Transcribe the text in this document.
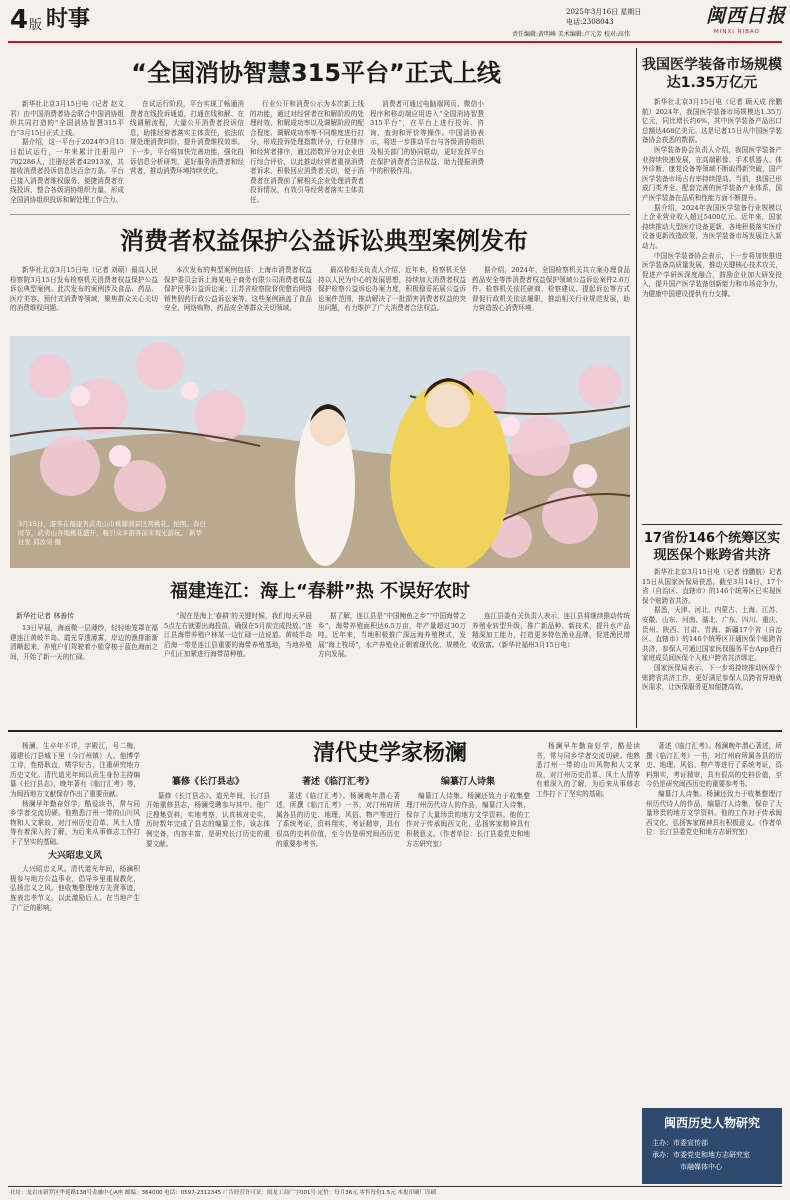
4 版 时事	2025年3月16日 星期日
电话:2308043
责任编辑:黄明峰 美术编辑:卢元芳 校对:高伟
闽西日报
MINXI RIBAO
“全国消协智慧315平台”正式上线

新华社北京3月15日电（记者 赵文君）由中国消费者协会联合中国消协组织共同打造的“全国消协智慧315平台”3月15日正式上线。

据介绍，这一平台于2024年3月15日起试运行，一年来累计注册用户702286人，注册经营者42913家，共接收消费者投诉信息达百余万条。平台已接入消费者维权服务，便捷消费者在线投诉，整合各级消协组织力量，形成全国消协组织投诉和解处理工作合力。

在试运行阶段，平台实现了畅通消费者在线投诉通道，打通在线和解、在线调解流程，大量公开消费者投诉信息，助推经营者落实主体责任，依法依规处理消费纠纷，提升消费维权效率。下一步，平台将加快完善功能，强化投诉信息分析研判，更好服务消费者和经营者，推动消费环境持续优化。

行业公开和消费公示为本次新上线的功能，通过对经营者在和解阶段的处理时效、和解成功率以及调解阶段的配合程度、调解成功率等不同维度进行打分，形成投诉处理指数评分，行业排序和经营者排序，通过指数评分对企业进行综合评价，以此推动经营者重视消费者诉求、积极回应消费者关切，便于消费者在消费前了解相关企业处理消费者投诉情况，有效引导经营者落实主体责任。

消费者可通过电脑端网页、微信小程序和移动端应用进入“全国消协智慧315平台”，在平台上进行投诉、咨询、查询和评价等操作。中国消协表示，将进一步推动平台与各级消协组织及相关部门的协同联动，更好发挥平台在保护消费者合法权益、助力提振消费中的积极作用。

消费者权益保护公益诉讼典型案例发布

新华社北京3月15日电（记者 刘硕）最高人民检察院3月15日发布检察机关消费者权益保护公益诉讼典型案例。此次发布的案例涉及食品、药品、医疗美容、预付式消费等领域，聚焦群众关心关切的消费维权问题。

本次发布的典型案例包括：上海市消费者权益保护委员会诉上海某电子商务有限公司消费者权益保护民事公益诉讼案；江苏省检察院督促整治网络销售假药行政公益诉讼案等。这些案例涵盖了食品安全、网络购物、药品安全等群众关切领域。

最高检相关负责人介绍，近年来，检察机关坚持以人民为中心的发展思想，持续加大消费者权益保护检察公益诉讼办案力度，积极稳妥拓展公益诉讼案件范围，推动解决了一批损害消费者权益的突出问题，有力维护了广大消费者合法权益。

据介绍，2024年，全国检察机关共立案办理食品药品安全等涉消费者权益保护领域公益诉讼案件2.6万件。检察机关依托磋商、检察建议、提起诉讼等方式督促行政机关依法履职，推动相关行业规范发展，助力营造放心消费环境。

3月15日，游客在福建省武夷山市桃源洞景区赏桃花、拍照。春日时节，武夷山各地桃花盛开，吸引众多游客前来观光游玩。 新华社发 邱汝泉 摄
福建连江：海上“春耕”热 不误好农时
新华社记者 林善传

13日早晨，海面微一层薄纱，轻轻地笼罩在福建连江黄岐半岛。霞光穿透薄雾，岸边的渔排渐渐清晰起来，养殖户们驾驶着小船穿梭于蓝色海面之间，开始了新一天的忙碌。

“现在是海上‘春耕’的关键时候，我们每天早晨5点左右就要出海投苗，确保在5月前完成投放。”连江县海带养殖户林某一边忙碌一边说道。黄岐半岛沿海一带是连江县重要的海带养殖基地，当地养殖户们正加紧进行海带苗种植。

据了解，连江县是“中国鲍鱼之乡”“中国海带之乡”，海带养殖面积达6.5万亩，年产量超过30万吨。近年来，当地积极推广深远海养殖模式，发展“海上牧场”，水产养殖业正朝着现代化、规模化方向发展。

连江县委有关负责人表示，连江县将继续推动传统养殖业转型升级，推广新品种、新技术，提升水产品精深加工能力，打造更多特色渔业品牌，促进渔民增收致富。（新华社福州3月15日电）

我国医学装备市场规模达1.35万亿元

新华社北京3月15日电（记者 顾天成 徐鹏航）2024年，我国医学装备市场规模达1.35万亿元，同比增长约6%，其中医学装备产品出口总额达468亿美元。这是记者15日从中国医学装备协会获悉的数据。

医学装备协会负责人介绍，我国医学装备产业持续快速发展，在高端影像、手术机器人、体外诊断、康复设备等领域不断取得新突破，国产医学装备市场占有率持续提高。当前，我国已形成门类齐全、配套完善的医学装备产业体系，国产医学装备在品质和性能方面不断提升。

据介绍，2024年我国医学装备行业规模以上企业营业收入超过5400亿元。近年来，国家持续推动大型医疗设备更新，各地积极落实医疗设备更新改造政策，为医学装备市场发展注入新动力。

中国医学装备协会表示，下一步将加快推进医学装备高质量发展，推动关键核心技术攻关，促进产学研医深度融合，鼓励企业加大研发投入，提升国产医学装备创新能力和市场竞争力，为健康中国建设提供有力支撑。

17省份146个统筹区实现医保个账跨省共济

新华社北京3月15日电（记者 徐鹏航）记者15日从国家医保局获悉，截至3月14日，17个省（自治区、直辖市）的146个统筹区已实现医保个账跨省共济。

据悉，天津、河北、内蒙古、上海、江苏、安徽、山东、河南、湖北、广东、四川、重庆、贵州、陕西、甘肃、青海、新疆17个省（自治区、直辖市）的146个统筹区开通医保个账跨省共济，参保人可通过国家医保服务平台App进行家庭成员间医保个人账户跨省共济绑定。

国家医保局表示，下一步将持续推动医保个账跨省共济工作，更好满足参保人员跨省异地就医需求，让医保服务更加便捷高效。

清代史学家杨澜

杨澜，生卒年不详，字殿江，号二梅，福建长汀县城下里（今汀州镇）人。他博学工诗，性格耿直，嗜学好古，注重研究地方历史文化。清代道光年间以贡生身份主持编纂《长汀县志》，晚年著有《临汀汇考》等，为闽西地方文献保存作出了重要贡献。

杨澜早年勤奋好学，酷爱读书，常与同乡学者交流切磋。他熟悉汀州一带的山川风物和人文掌故，对汀州历史沿革、风土人情等有着深入的了解，为后来从事修志工作打下了坚实的基础。

大兴昭忠义风

大兴昭忠义风。清代道光年间，杨澜积极参与地方公益事业，倡导乡里重视教化，弘扬忠义之风。他收集整理地方先贤事迹，旌表忠孝节义，以此激励后人，在当地产生了广泛的影响。

纂修《长汀县志》

纂修《长汀县志》。道光年间，长汀县开始重修县志，杨澜受聘参与其中。他广泛搜集资料，实地考察，认真核对史实，历时数年完成了县志的编纂工作。该志体例完备，内容丰富，是研究长汀历史的重要文献。

著述《临汀汇考》

著述《临汀汇考》。杨澜晚年潜心著述，所撰《临汀汇考》一书，对汀州府所属各县的历史、地理、风俗、物产等进行了系统考证，资料翔实，考证精审，具有很高的史料价值，至今仍是研究闽西历史的重要参考书。

编纂汀人诗集

编纂汀人诗集。杨澜还致力于收集整理汀州历代诗人的作品，编纂汀人诗集，保存了大量珍贵的地方文学资料。他的工作对于传承闽西文化、弘扬客家精神具有积极意义。（作者单位：长汀县委党史和地方志研究室）

杨澜早年勤奋好学，酷爱读书，常与同乡学者交流切磋。他熟悉汀州一带的山川风物和人文掌故，对汀州历史沿革、风土人情等有着深入的了解，为后来从事修志工作打下了坚实的基础。

著述《临汀汇考》。杨澜晚年潜心著述，所撰《临汀汇考》一书，对汀州府所属各县的历史、地理、风俗、物产等进行了系统考证，资料翔实，考证精审，具有很高的史料价值，至今仍是研究闽西历史的重要参考书。

编纂汀人诗集。杨澜还致力于收集整理汀州历代诗人的作品，编纂汀人诗集，保存了大量珍贵的地方文学资料。他的工作对于传承闽西文化、弘扬客家精神具有积极意义。（作者单位：长汀县委党史和地方志研究室）

闽西历史人物研究
主办：市委宣传部
承办：市委党史和地方志研究室
市融媒体中心
社址：龙岩市新罗区华莲路138号金融中心A座 邮编：364000 电话：0597-2312345 广告经营许可证：闽龙工商广字001号 定价：每月36元 零售每份1.5元 本报印刷厂印刷
